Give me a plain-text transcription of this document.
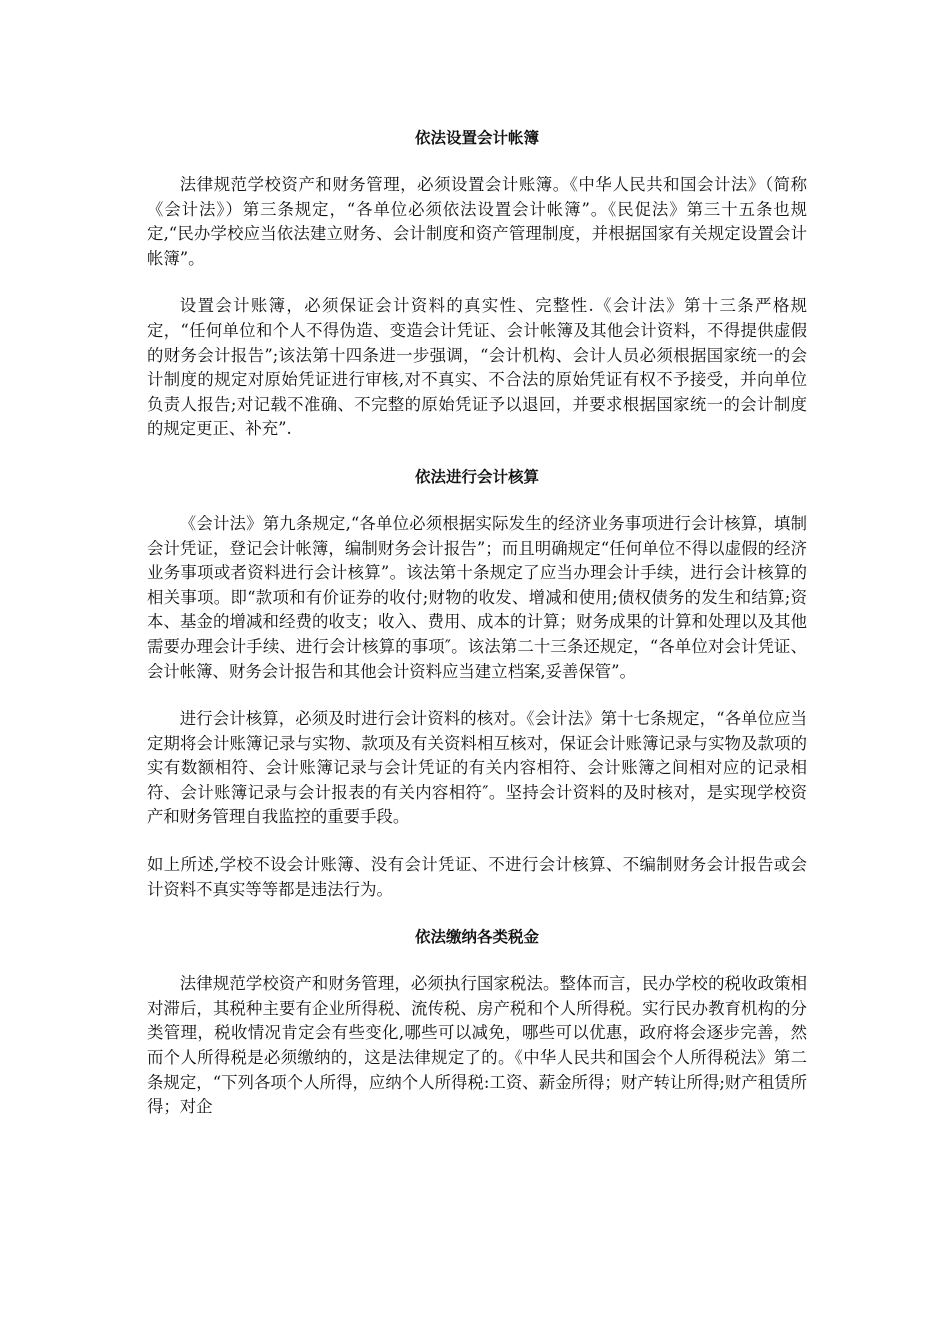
依法设置会计帐簿

法律规范学校资产和财务管理，必须设置会计账簿。《中华人民共和国会计法》（简称《会计法》）第三条规定，“各单位必须依法设置会计帐簿”。《民促法》第三十五条也规定,“民办学校应当依法建立财务、会计制度和资产管理制度，并根据国家有关规定设置会计帐簿”。

设置会计账簿，必须保证会计资料的真实性、完整性.《会计法》第十三条严格规定，“任何单位和个人不得伪造、变造会计凭证、会计帐簿及其他会计资料，不得提供虚假的财务会计报告”;该法第十四条进一步强调，“会计机构、会计人员必须根据国家统一的会计制度的规定对原始凭证进行审核,对不真实、不合法的原始凭证有权不予接受，并向单位负责人报告;对记载不准确、不完整的原始凭证予以退回，并要求根据国家统一的会计制度的规定更正、补充”.

依法进行会计核算

《会计法》第九条规定,“各单位必须根据实际发生的经济业务事项进行会计核算，填制会计凭证，登记会计帐簿，编制财务会计报告”；而且明确规定“任何单位不得以虚假的经济业务事项或者资料进行会计核算”。该法第十条规定了应当办理会计手续，进行会计核算的相关事项。即“款项和有价证券的收付;财物的收发、增减和使用;债权债务的发生和结算;资本、基金的增减和经费的收支；收入、费用、成本的计算；财务成果的计算和处理以及其他需要办理会计手续、进行会计核算的事项″。该法第二十三条还规定，“各单位对会计凭证、会计帐簿、财务会计报告和其他会计资料应当建立档案,妥善保管”。

进行会计核算，必须及时进行会计资料的核对。《会计法》第十七条规定，“各单位应当定期将会计账簿记录与实物、款项及有关资料相互核对，保证会计账簿记录与实物及款项的实有数额相符、会计账簿记录与会计凭证的有关内容相符、会计账簿之间相对应的记录相符、会计账簿记录与会计报表的有关内容相符″。坚持会计资料的及时核对，是实现学校资产和财务管理自我监控的重要手段。

如上所述,学校不设会计账簿、没有会计凭证、不进行会计核算、不编制财务会计报告或会计资料不真实等等都是违法行为。

依法缴纳各类税金

法律规范学校资产和财务管理，必须执行国家税法。整体而言，民办学校的税收政策相对滞后，其税种主要有企业所得税、流传税、房产税和个人所得税。实行民办教育机构的分类管理，税收情况肯定会有些变化,哪些可以减免，哪些可以优惠，政府将会逐步完善，然而个人所得税是必须缴纳的，这是法律规定了的。《中华人民共和国会个人所得税法》第二条规定，“下列各项个人所得，应纳个人所得税:工资、薪金所得；财产转让所得;财产租赁所得；对企
